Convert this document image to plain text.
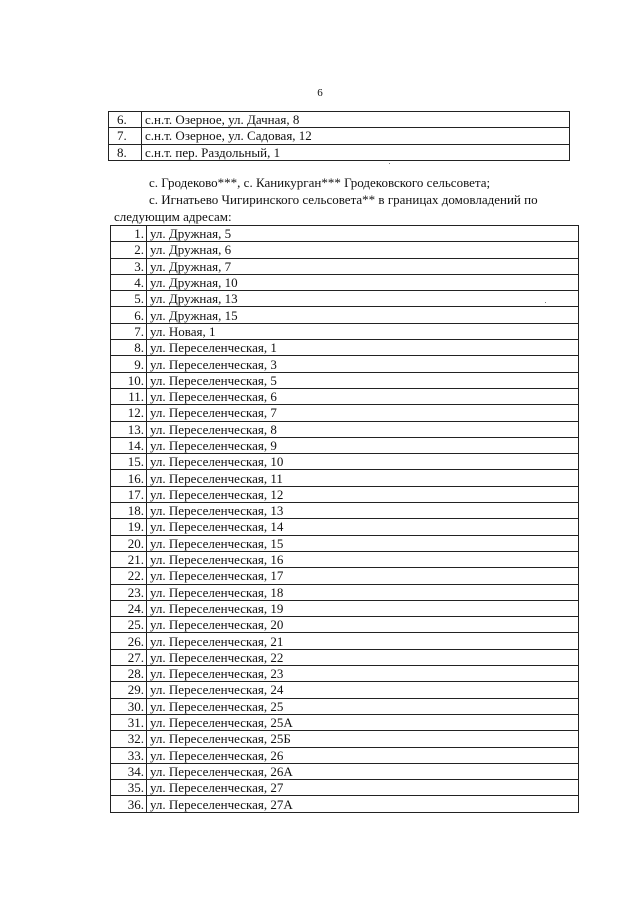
6
6.	с.н.т. Озерное, ул. Дачная, 8
7.	с.н.т. Озерное, ул. Садовая, 12
8.	с.н.т. пер. Раздольный, 1
с. Гродеково***, с. Каникурган*** Гродековского сельсовета;
с. Игнатьево Чигиринского сельсовета** в границах домовладений по
следующим адресам:
1.	ул. Дружная, 5
2.	ул. Дружная, 6
3.	ул. Дружная, 7
4.	ул. Дружная, 10
5.	ул. Дружная, 13
6.	ул. Дружная, 15
7.	ул. Новая, 1
8.	ул. Переселенческая, 1
9.	ул. Переселенческая, 3
10.	ул. Переселенческая, 5
11.	ул. Переселенческая, 6
12.	ул. Переселенческая, 7
13.	ул. Переселенческая, 8
14.	ул. Переселенческая, 9
15.	ул. Переселенческая, 10
16.	ул. Переселенческая, 11
17.	ул. Переселенческая, 12
18.	ул. Переселенческая, 13
19.	ул. Переселенческая, 14
20.	ул. Переселенческая, 15
21.	ул. Переселенческая, 16
22.	ул. Переселенческая, 17
23.	ул. Переселенческая, 18
24.	ул. Переселенческая, 19
25.	ул. Переселенческая, 20
26.	ул. Переселенческая, 21
27.	ул. Переселенческая, 22
28.	ул. Переселенческая, 23
29.	ул. Переселенческая, 24
30.	ул. Переселенческая, 25
31.	ул. Переселенческая, 25А
32.	ул. Переселенческая, 25Б
33.	ул. Переселенческая, 26
34.	ул. Переселенческая, 26А
35.	ул. Переселенческая, 27
36.	ул. Переселенческая, 27А
